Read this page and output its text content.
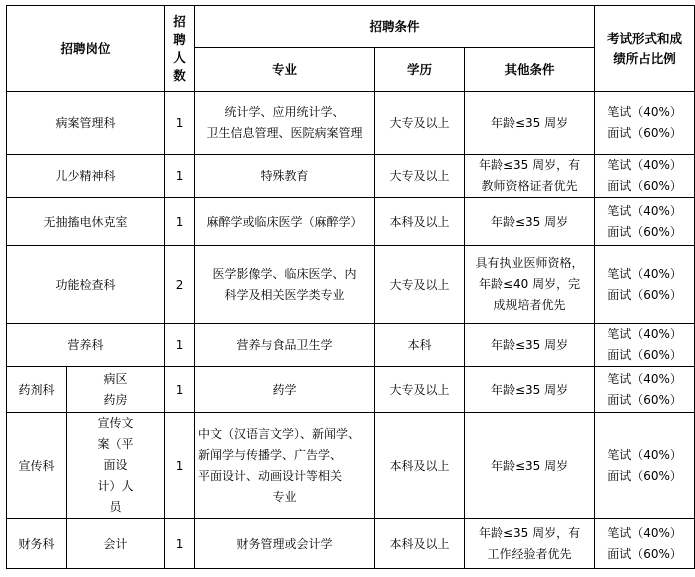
招聘岗位		招
聘
人
数	招聘条件			考试形式和成
绩所占比例

			专业	学历	其他条件	
病案管理科		1	统计学、应用统计学、
卫生信息管理、医院病案管理	大专及以上	年龄≤35 周岁	笔试（40%）
面试（60%）

儿少精神科		1	特殊教育	大专及以上	年龄≤35 周岁，有
教师资格证者优先	笔试（40%）
面试（60%）

无抽搐电休克室		1	麻醉学或临床医学（麻醉学）	本科及以上	年龄≤35 周岁	笔试（40%）
面试（60%）

功能检查科		2	医学影像学、临床医学、内
科学及相关医学类专业	大专及以上	具有执业医师资格，
年龄≤40 周岁，完
成规培者优先	笔试（40%）
面试（60%）

营养科		1	营养与食品卫生学	本科	年龄≤35 周岁	笔试（40%）
面试（60%）

药剂科	病区
药房	1	药学	大专及以上	年龄≤35 周岁	笔试（40%）
面试（60%）

宣传科	宣传文
案（平
面设
计）人
员	1	中文（汉语言文学）、新闻学、
新闻学与传播学、广告学、
平面设计、动画设计等相关
专业	本科及以上	年龄≤35 周岁	笔试（40%）
面试（60%）

财务科	会计	1	财务管理或会计学	本科及以上	年龄≤35 周岁，有
工作经验者优先	笔试（40%）
面试（60%）
